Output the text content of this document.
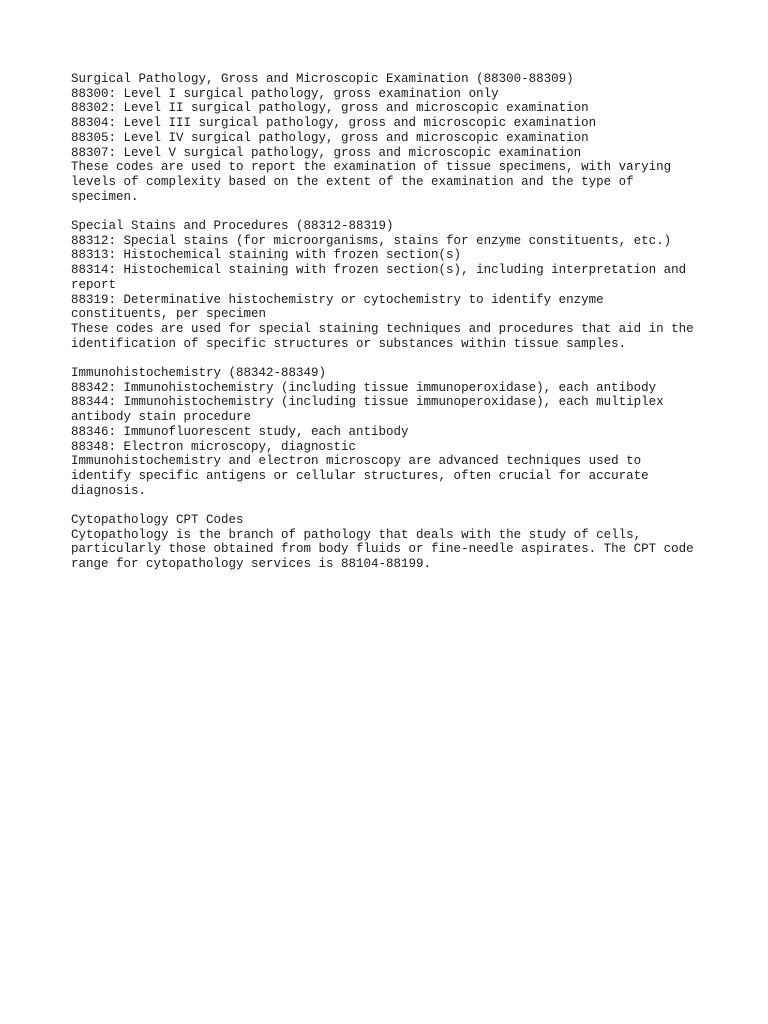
Surgical Pathology, Gross and Microscopic Examination (88300-88309)
88300: Level I surgical pathology, gross examination only
88302: Level II surgical pathology, gross and microscopic examination
88304: Level III surgical pathology, gross and microscopic examination
88305: Level IV surgical pathology, gross and microscopic examination
88307: Level V surgical pathology, gross and microscopic examination
These codes are used to report the examination of tissue specimens, with varying
levels of complexity based on the extent of the examination and the type of
specimen.
Special Stains and Procedures (88312-88319)
88312: Special stains (for microorganisms, stains for enzyme constituents, etc.)
88313: Histochemical staining with frozen section(s)
88314: Histochemical staining with frozen section(s), including interpretation and
report
88319: Determinative histochemistry or cytochemistry to identify enzyme
constituents, per specimen
These codes are used for special staining techniques and procedures that aid in the
identification of specific structures or substances within tissue samples.
Immunohistochemistry (88342-88349)
88342: Immunohistochemistry (including tissue immunoperoxidase), each antibody
88344: Immunohistochemistry (including tissue immunoperoxidase), each multiplex
antibody stain procedure
88346: Immunofluorescent study, each antibody
88348: Electron microscopy, diagnostic
Immunohistochemistry and electron microscopy are advanced techniques used to
identify specific antigens or cellular structures, often crucial for accurate
diagnosis.
Cytopathology CPT Codes
Cytopathology is the branch of pathology that deals with the study of cells,
particularly those obtained from body fluids or fine-needle aspirates. The CPT code
range for cytopathology services is 88104-88199.
